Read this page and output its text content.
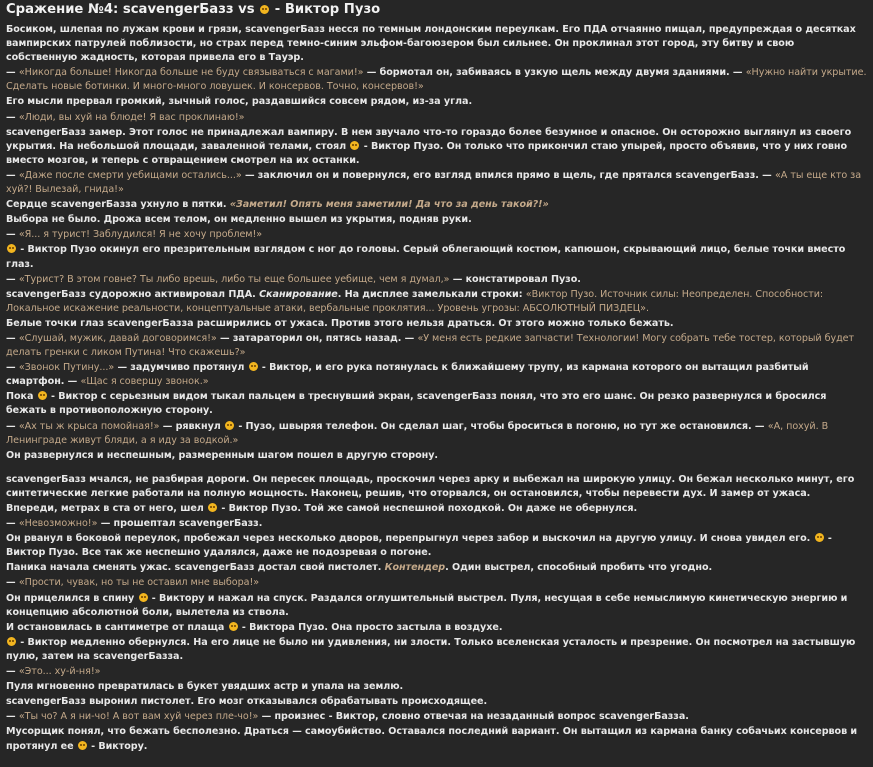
Сражение №4: scavengerБазз vs - Виктор Пузо
Босиком, шлепая по лужам крови и грязи, scavengerБазз несся по темным лондонским переулкам. Его ПДА отчаянно пищал, предупреждая о десятках вампирских патрулей поблизости, но страх перед темно-синим эльфом-багоюзером был сильнее. Он проклинал этот город, эту битву и свою собственную жадность, которая привела его в Тауэр.
— «Никогда больше! Никогда больше не буду связываться с магами!» — бормотал он, забиваясь в узкую щель между двумя зданиями. — «Нужно найти укрытие. Сделать новые ботинки. И много-много ловушек. И консервов. Точно, консервов!»
Его мысли прервал громкий, зычный голос, раздавшийся совсем рядом, из-за угла.
— «Люди, вы хуй на блюде! Я вас проклинаю!»
scavengerБазз замер. Этот голос не принадлежал вампиру. В нем звучало что-то гораздо более безумное и опасное. Он осторожно выглянул из своего укрытия. На небольшой площади, заваленной телами, стоял  - Виктор Пузо. Он только что прикончил стаю упырей, просто объявив, что у них говно вместо мозгов, и теперь с отвращением смотрел на их останки.
— «Даже после смерти уебищами остались...» — заключил он и повернулся, его взгляд впился прямо в щель, где прятался scavengerБазз. — «А ты еще кто за хуй?! Вылезай, гнида!»
Сердце scavengerБазза ухнуло в пятки. «Заметил! Опять меня заметили! Да что за день такой?!»
Выбора не было. Дрожа всем телом, он медленно вышел из укрытия, подняв руки.
— «Я... я турист! Заблудился! Я не хочу проблем!»
- Виктор Пузо окинул его презрительным взглядом с ног до головы. Серый облегающий костюм, капюшон, скрывающий лицо, белые точки вместо глаз.
— «Турист? В этом говне? Ты либо врешь, либо ты еще большее уебище, чем я думал,» — констатировал Пузо.
scavengerБазз судорожно активировал ПДА. Сканирование. На дисплее замелькали строки: «Виктор Пузо. Источник силы: Неопределен. Способности: Локальное искажение реальности, концептуальные атаки, вербальные проклятия... Уровень угрозы: АБСОЛЮТНЫЙ ПИЗДЕЦ».
Белые точки глаз scavengerБазза расширились от ужаса. Против этого нельзя драться. От этого можно только бежать.
— «Слушай, мужик, давай договоримся!» — затараторил он, пятясь назад. — «У меня есть редкие запчасти! Технологии! Могу собрать тебе тостер, который будет делать гренки с ликом Путина! Что скажешь?»
— «Звонок Путину...» — задумчиво протянул  - Виктор, и его рука потянулась к ближайшему трупу, из кармана которого он вытащил разбитый смартфон. — «Щас я совершу звонок.»
Пока  - Виктор с серьезным видом тыкал пальцем в треснувший экран, scavengerБазз понял, что это его шанс. Он резко развернулся и бросился бежать в противоположную сторону.
— «Ах ты ж крыса помойная!» — рявкнул  - Пузо, швыряя телефон. Он сделал шаг, чтобы броситься в погоню, но тут же остановился. — «А, похуй. В Ленинграде живут бляди, а я иду за водкой.»
Он развернулся и неспешным, размеренным шагом пошел в другую сторону.
scavengerБазз мчался, не разбирая дороги. Он пересек площадь, проскочил через арку и выбежал на широкую улицу. Он бежал несколько минут, его синтетические легкие работали на полную мощность. Наконец, решив, что оторвался, он остановился, чтобы перевести дух. И замер от ужаса.
Впереди, метрах в ста от него, шел  - Виктор Пузо. Той же самой неспешной походкой. Он даже не обернулся.
— «Невозможно!» — прошептал scavengerБазз.
Он рванул в боковой переулок, пробежал через несколько дворов, перепрыгнул через забор и выскочил на другую улицу. И снова увидел его.  - Виктор Пузо. Все так же неспешно удалялся, даже не подозревая о погоне.
Паника начала сменять ужас. scavengerБазз достал свой пистолет. Контендер. Один выстрел, способный пробить что угодно.
— «Прости, чувак, но ты не оставил мне выбора!»
Он прицелился в спину  - Виктору и нажал на спуск. Раздался оглушительный выстрел. Пуля, несущая в себе немыслимую кинетическую энергию и концепцию абсолютной боли, вылетела из ствола.
И остановилась в сантиметре от плаща  - Виктора Пузо. Она просто застыла в воздухе.
- Виктор медленно обернулся. На его лице не было ни удивления, ни злости. Только вселенская усталость и презрение. Он посмотрел на застывшую пулю, затем на scavengerБазза.
— «Это... ху-й-ня!»
Пуля мгновенно превратилась в букет увядших астр и упала на землю.
scavengerБазз выронил пистолет. Его мозг отказывался обрабатывать происходящее.
— «Ты чо? А я ни-чо! А вот вам хуй через пле-чо!» — произнес - Виктор, словно отвечая на незаданный вопрос scavengerБазза.
Мусорщик понял, что бежать бесполезно. Драться — самоубийство. Оставался последний вариант. Он вытащил из кармана банку собачьих консервов и протянул ее  - Виктору.
